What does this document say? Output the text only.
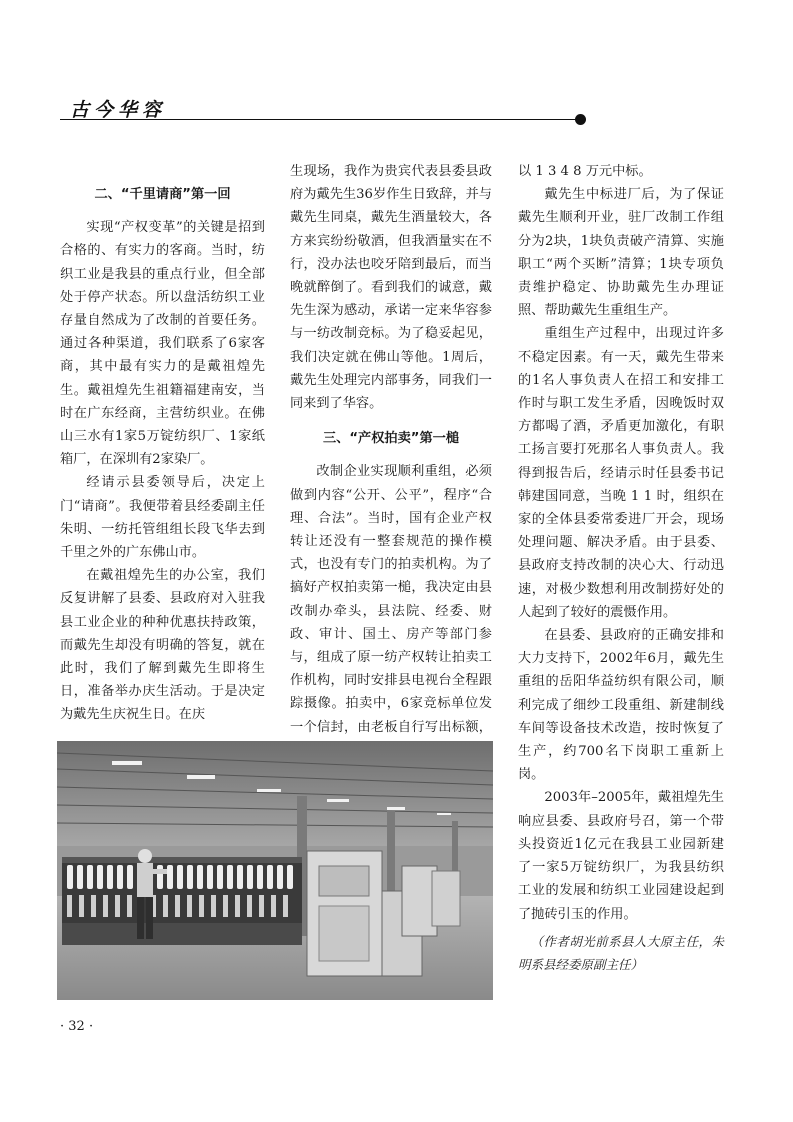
古今华容
二、“千里请商”第一回

实现“产权变革”的关键是招到合格的、有实力的客商。当时，纺织工业是我县的重点行业，但全部处于停产状态。所以盘活纺织工业存量自然成为了改制的首要任务。通过各种渠道，我们联系了6家客商，其中最有实力的是戴祖煌先生。戴祖煌先生祖籍福建南安，当时在广东经商，主营纺织业。在佛山三水有1家5万锭纺织厂、1家纸箱厂，在深圳有2家染厂。

经请示县委领导后，决定上门“请商”。我便带着县经委副主任朱明、一纺托管组组长段飞华去到千里之外的广东佛山市。

在戴祖煌先生的办公室，我们反复讲解了县委、县政府对入驻我县工业企业的种种优惠扶持政策，而戴先生却没有明确的答复，就在此时，我们了解到戴先生即将生日，准备举办庆生活动。于是决定为戴先生庆祝生日。在庆

生现场，我作为贵宾代表县委县政府为戴先生36岁作生日致辞，并与戴先生同桌，戴先生酒量较大，各方来宾纷纷敬酒，但我酒量实在不行，没办法也咬牙陪到最后，而当晚就醉倒了。看到我们的诚意，戴先生深为感动，承诺一定来华容参与一纺改制竞标。为了稳妥起见，我们决定就在佛山等他。1周后，戴先生处理完内部事务，同我们一同来到了华容。

三、“产权拍卖”第一槌

改制企业实现顺利重组，必须做到内容“公开、公平”，程序“合理、合法”。当时，国有企业产权转让还没有一整套规范的操作模式，也没有专门的拍卖机构。为了搞好产权拍卖第一槌，我决定由县改制办牵头，县法院、经委、财政、审计、国土、房产等部门参与，组成了原一纺产权转让拍卖工作机构，同时安排县电视台全程跟踪摄像。拍卖中，6家竞标单位发一个信封，由老板自行写出标额，

以 1 3 4 8 万元中标。

戴先生中标进厂后，为了保证戴先生顺利开业，驻厂改制工作组分为2块，1块负责破产清算、实施职工“两个买断”清算；1块专项负责维护稳定、协助戴先生办理证照、帮助戴先生重组生产。

重组生产过程中，出现过许多不稳定因素。有一天，戴先生带来的1名人事负责人在招工和安排工作时与职工发生矛盾，因晚饭时双方都喝了酒，矛盾更加激化，有职工扬言要打死那名人事负责人。我得到报告后，经请示时任县委书记韩建国同意，当晚 1 1 时，组织在家的全体县委常委进厂开会，现场处理问题、解决矛盾。由于县委、县政府支持改制的决心大、行动迅速，对极少数想利用改制捞好处的人起到了较好的震慑作用。

在县委、县政府的正确安排和大力支持下，2002年6月，戴先生重组的岳阳华益纺织有限公司，顺利完成了细纱工段重组、新建制线车间等设备技术改造，按时恢复了生产，约700名下岗职工重新上岗。

2003年–2005年，戴祖煌先生响应县委、县政府号召，第一个带头投资近1亿元在我县工业园新建了一家5万锭纺织厂，为我县纺织工业的发展和纺织工业园建设起到了抛砖引玉的作用。

（作者胡光前系县人大原主任，朱明系县经委原副主任）
· 32 ·
